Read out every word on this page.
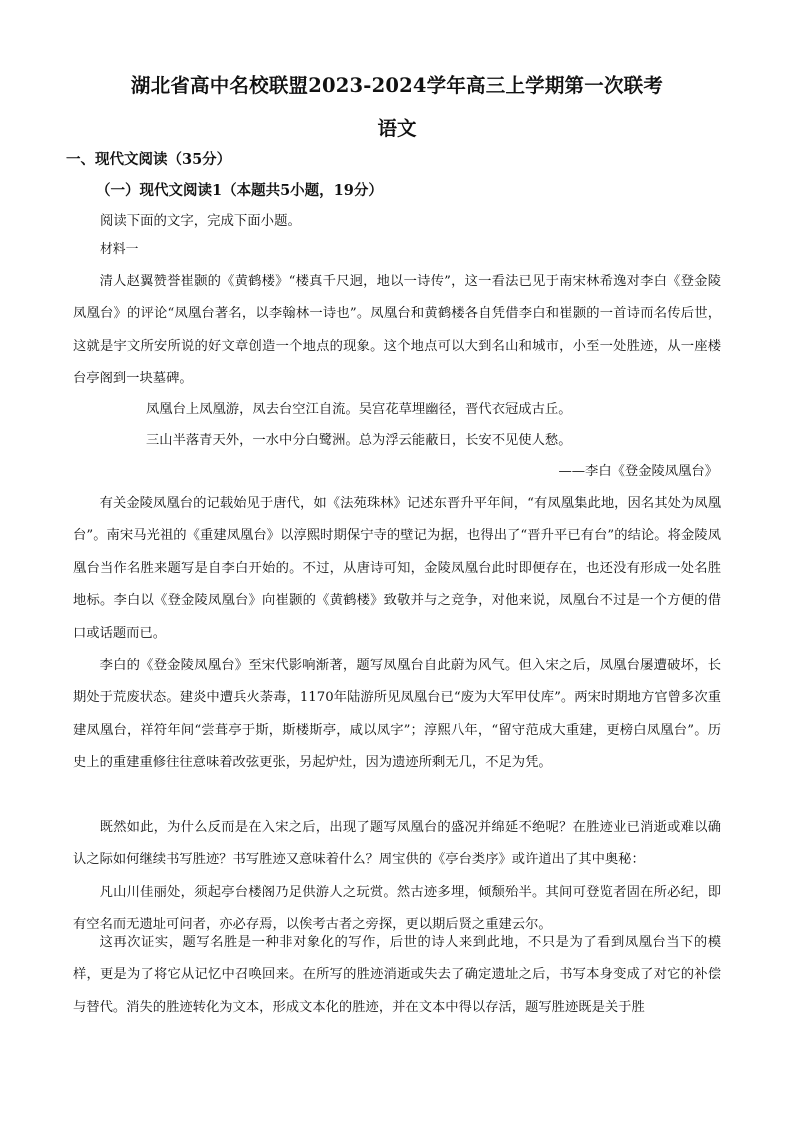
湖北省高中名校联盟2023-2024学年高三上学期第一次联考
语文
一、现代文阅读（35分）
（一）现代文阅读1（本题共5小题，19分）
阅读下面的文字，完成下面小题。
材料一

清人赵翼赞誉崔颢的《黄鹤楼》“楼真千尺迥，地以一诗传”，这一看法已见于南宋林希逸对李白《登金陵凤凰台》的评论“凤凰台著名，以李翰林一诗也”。凤凰台和黄鹤楼各自凭借李白和崔颢的一首诗而名传后世，这就是宇文所安所说的好文章创造一个地点的现象。这个地点可以大到名山和城市，小至一处胜迹，从一座楼台亭阁到一块墓碑。

凤凰台上凤凰游，凤去台空江自流。吴宫花草埋幽径，晋代衣冠成古丘。
三山半落青天外，一水中分白鹭洲。总为浮云能蔽日，长安不见使人愁。
——李白《登金陵凤凰台》

有关金陵凤凰台的记载始见于唐代，如《法苑珠林》记述东晋升平年间，“有凤凰集此地，因名其处为凤凰台”。南宋马光祖的《重建凤凰台》以淳熙时期保宁寺的壁记为据，也得出了“晋升平已有台”的结论。将金陵凤凰台当作名胜来题写是自李白开始的。不过，从唐诗可知，金陵凤凰台此时即便存在，也还没有形成一处名胜地标。李白以《登金陵凤凰台》向崔颢的《黄鹤楼》致敬并与之竞争，对他来说，凤凰台不过是一个方便的借口或话题而已。

李白的《登金陵凤凰台》至宋代影响渐著，题写凤凰台自此蔚为风气。但入宋之后，凤凰台屡遭破坏，长期处于荒废状态。建炎中遭兵火荼毒，1170年陆游所见凤凰台已“废为大军甲仗库”。两宋时期地方官曾多次重建凤凰台，祥符年间“尝葺亭于斯，斯楼斯亭，咸以凤字”；淳熙八年，“留守范成大重建，更榜白凤凰台”。历史上的重建重修往往意味着改弦更张，另起炉灶，因为遗迹所剩无几，不足为凭。

既然如此，为什么反而是在入宋之后，出现了题写凤凰台的盛况并绵延不绝呢？在胜迹业已消逝或难以确认之际如何继续书写胜迹？书写胜迹又意味着什么？周宝供的《亭台类序》或许道出了其中奥秘：

凡山川佳丽处，须起亭台楼阁乃足供游人之玩赏。然古迹多埋，倾颓殆半。其间可登览者固在所必纪，即有空名而无遗址可问者，亦必存焉，以俟考古者之旁探，更以期后贤之重建云尔。

这再次证实，题写名胜是一种非对象化的写作，后世的诗人来到此地，不只是为了看到凤凰台当下的模样，更是为了将它从记忆中召唤回来。在所写的胜迹消逝或失去了确定遗址之后，书写本身变成了对它的补偿与替代。消失的胜迹转化为文本，形成文本化的胜迹，并在文本中得以存活，题写胜迹既是关于胜
